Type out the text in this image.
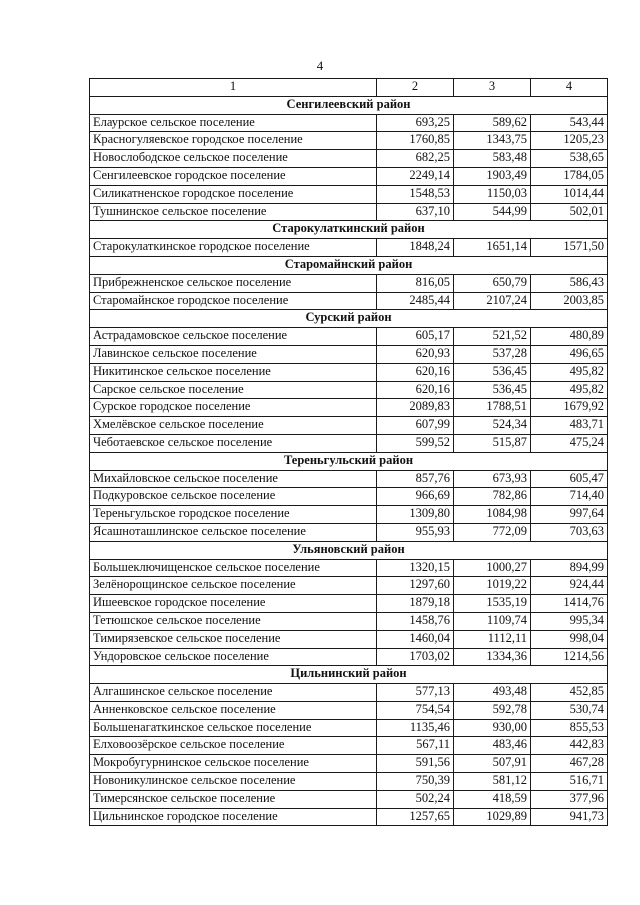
4
1	2	3	4
Сенгилеевский район			
Елаурское сельское поселение	693,25	589,62	543,44
Красногуляевское городское поселение	1760,85	1343,75	1205,23
Новослободское сельское поселение	682,25	583,48	538,65
Сенгилеевское городское поселение	2249,14	1903,49	1784,05
Силикатненское городское поселение	1548,53	1150,03	1014,44
Тушнинское сельское поселение	637,10	544,99	502,01
Старокулаткинский район			
Старокулаткинское городское поселение	1848,24	1651,14	1571,50
Старомайнский район			
Прибрежненское сельское поселение	816,05	650,79	586,43
Старомайнское городское поселение	2485,44	2107,24	2003,85
Сурский район			
Астрадамовское сельское поселение	605,17	521,52	480,89
Лавинское сельское поселение	620,93	537,28	496,65
Никитинское сельское поселение	620,16	536,45	495,82
Сарское сельское поселение	620,16	536,45	495,82
Сурское городское поселение	2089,83	1788,51	1679,92
Хмелёвское сельское поселение	607,99	524,34	483,71
Чеботаевское сельское поселение	599,52	515,87	475,24
Тереньгульский район			
Михайловское сельское поселение	857,76	673,93	605,47
Подкуровское сельское поселение	966,69	782,86	714,40
Тереньгульское городское поселение	1309,80	1084,98	997,64
Ясашноташлинское сельское поселение	955,93	772,09	703,63
Ульяновский район			
Большеключищенское сельское поселение	1320,15	1000,27	894,99
Зелёнорощинское сельское поселение	1297,60	1019,22	924,44
Ишеевское городское поселение	1879,18	1535,19	1414,76
Тетюшское сельское поселение	1458,76	1109,74	995,34
Тимирязевское сельское поселение	1460,04	1112,11	998,04
Ундоровское сельское поселение	1703,02	1334,36	1214,56
Цильнинский район			
Алгашинское сельское поселение	577,13	493,48	452,85
Анненковское сельское поселение	754,54	592,78	530,74
Большенагаткинское сельское поселение	1135,46	930,00	855,53
Елховоозёрское сельское поселение	567,11	483,46	442,83
Мокробугурнинское сельское поселение	591,56	507,91	467,28
Новоникулинское сельское поселение	750,39	581,12	516,71
Тимерсянское сельское поселение	502,24	418,59	377,96
Цильнинское городское поселение	1257,65	1029,89	941,73
